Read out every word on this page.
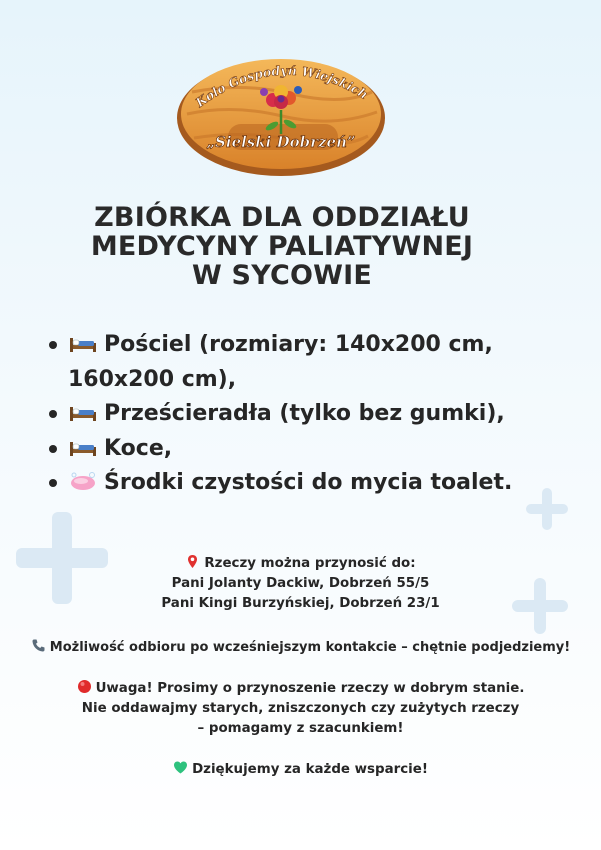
Koło Gospodyń Wiejskich
„Sielski Dobrzeń”
ZBIÓRKA DLA ODDZIAŁU
MEDYCYNY PALIATYWNEJ
W SYCOWIE
Pościel (rozmiary: 140x200 cm, 160x200 cm),
Prześcieradła (tylko bez gumki),
Koce,
Środki czystości do mycia toalet.
Rzeczy można przynosić do:
Pani Jolanty Dackiw, Dobrzeń 55/5
Pani Kingi Burzyńskiej, Dobrzeń 23/1
Możliwość odbioru po wcześniejszym kontakcie – chętnie podjedziemy!
Uwaga! Prosimy o przynoszenie rzeczy w dobrym stanie.
Nie oddawajmy starych, zniszczonych czy zużytych rzeczy
– pomagamy z szacunkiem!
Dziękujemy za każde wsparcie!
